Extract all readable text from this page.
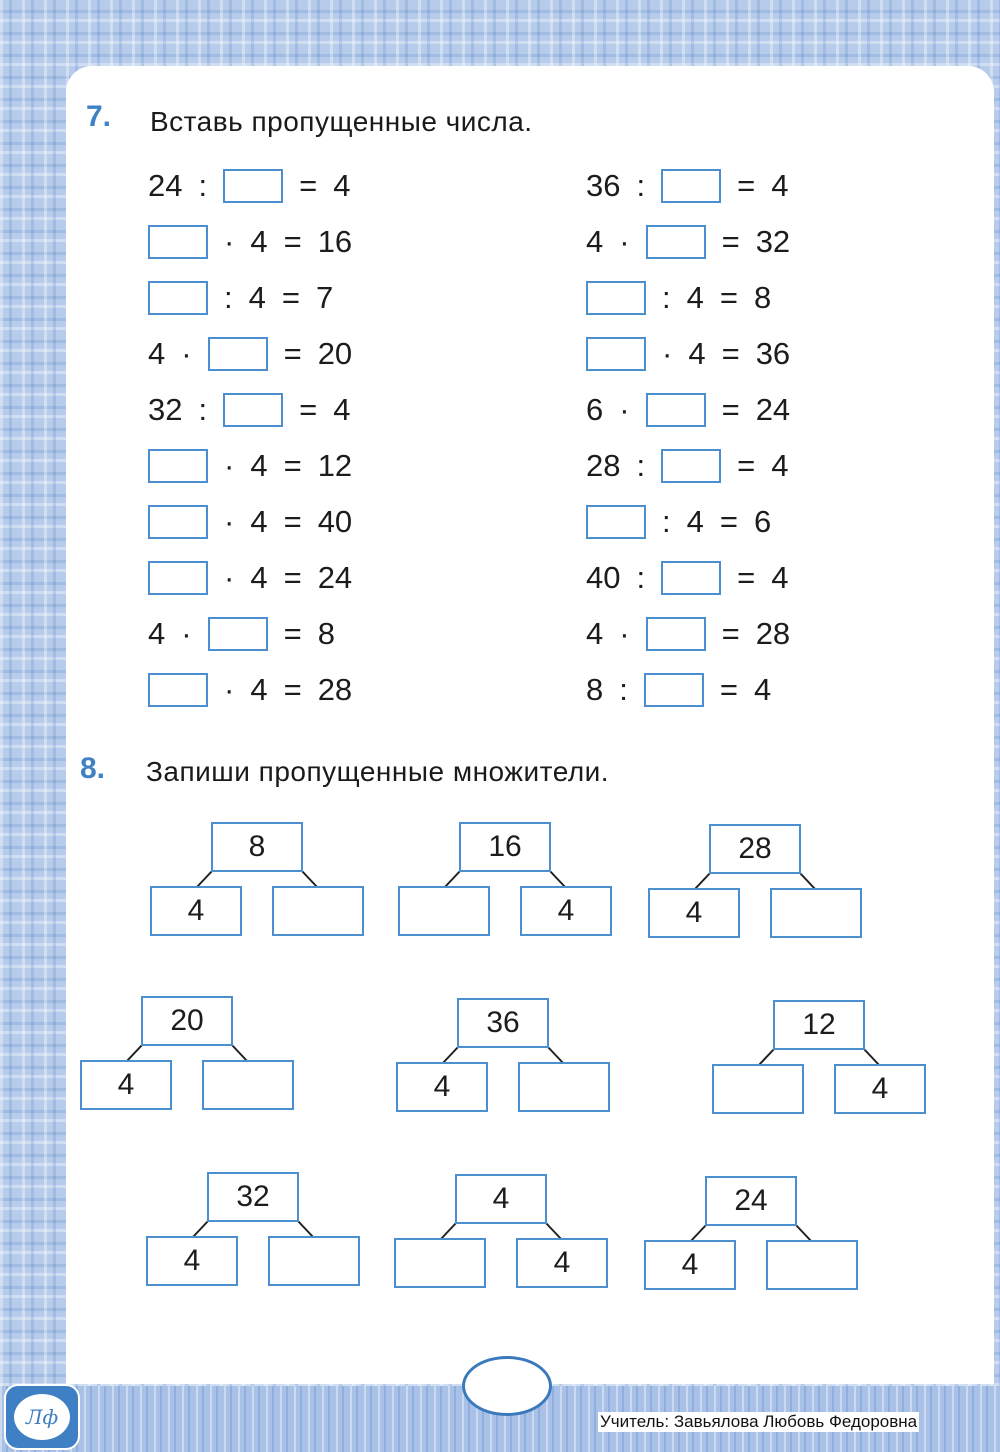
7. Вставь пропущенные числа.
24 :	= 4
· 4 = 16
: 4 = 7
4 ·	= 20
32 :	= 4
· 4 = 12
· 4 = 40
· 4 = 24
4 ·	= 8
· 4 = 28
36 :	= 4
4 ·	= 32
: 4 = 8
· 4 = 36
6 ·	= 24
28 :	= 4
: 4 = 6
40 :	= 4
4 ·	= 28
8 :	= 4
8. Запиши пропущенные множители.
8
4
16
4
28
4
20
4
36
4
12
4
32
4
4
4
24
4
Лф	Учитель: Завьялова Любовь Федоровна
